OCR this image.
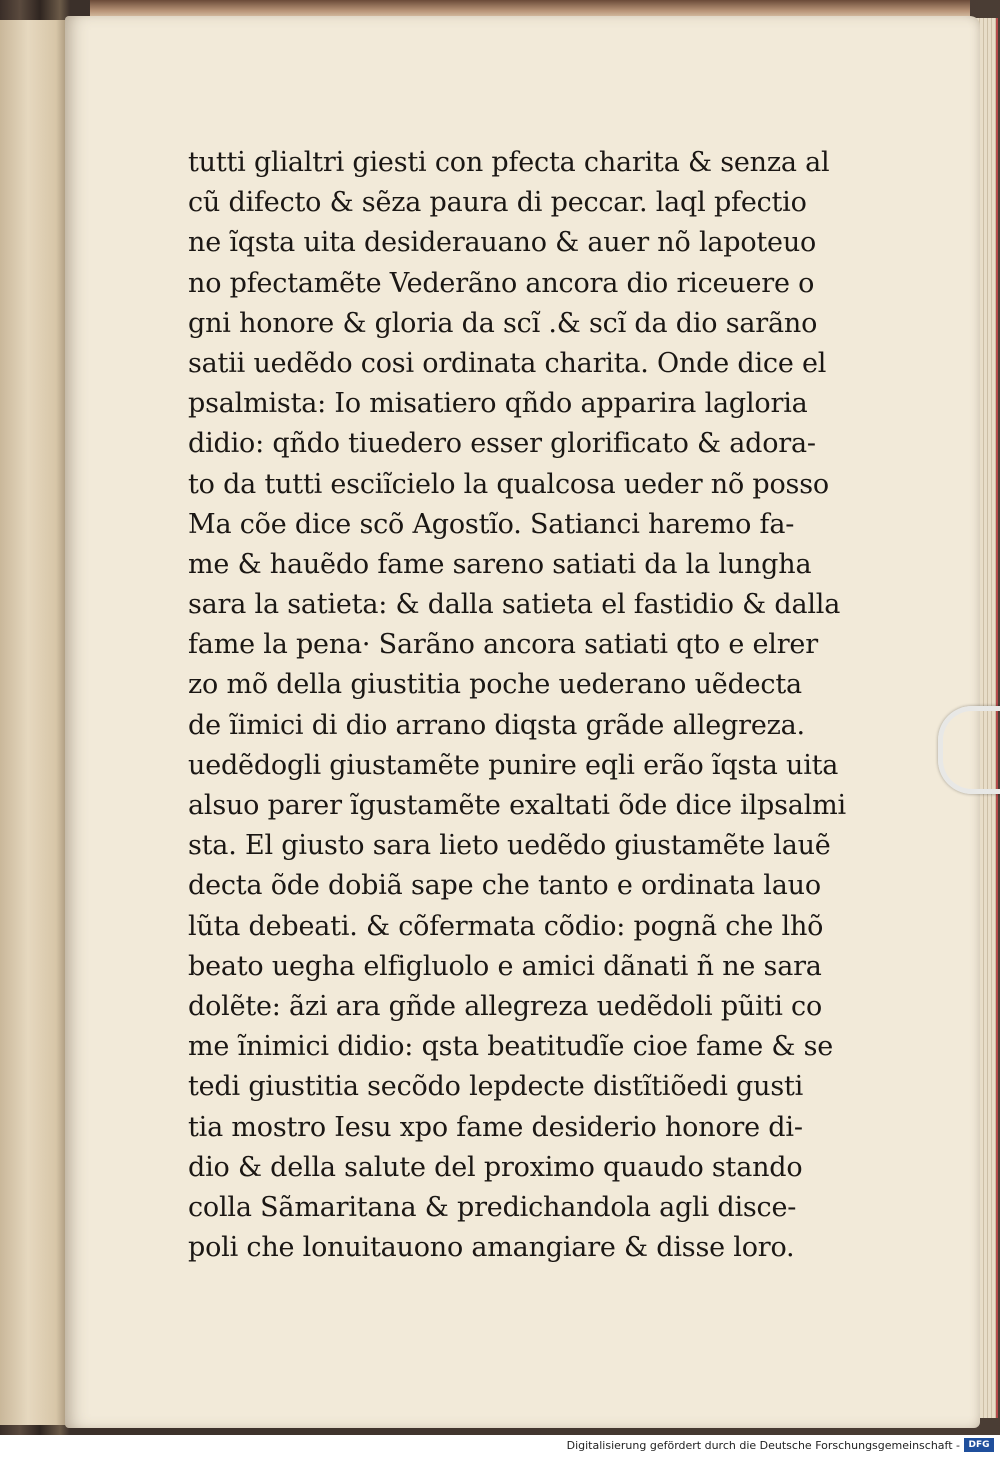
tutti glialtri giesti con pfecta charita & senza al
cũ difecto & sẽza paura di peccar. laql pfectio
ne ĩqsta uita desiderauano & auer nõ lapoteuo
no pfectamẽte Vederãno ancora dio riceuere o
gni honore & gloria da scĩ .& scĩ da dio sarãno
satii uedẽdo cosi ordinata charita. Onde dice el
psalmista: Io misatiero qñdo apparira lagloria
didio: qñdo tiuedero esser glorificato & adora-
to da tutti esciĩcielo la qualcosa ueder nõ posso
Ma cõe dice scõ Agostĩo. Satianci haremo fa-
me & hauẽdo fame sareno satiati da la lungha
sara la satieta: & dalla satieta el fastidio & dalla
fame la pena· Sarãno ancora satiati qto e elrer
zo mõ della giustitia poche uederano uẽdecta
de ĩimici di dio arrano diqsta grãde allegreza.
uedẽdogli giustamẽte punire eqli erão ĩqsta uita
alsuo parer ĩgustamẽte exaltati õde dice ilpsalmi
sta. El giusto sara lieto uedẽdo giustamẽte lauẽ
decta õde dobiã sape che tanto e ordinata lauo
lũta debeati. & cõfermata cõdio: pognã che lhõ
beato uegha elfigluolo e amici dãnati ñ ne sara
dolẽte: ãzi ara gñde allegreza uedẽdoli pũiti co
me ĩnimici didio: qsta beatitudĩe cioe fame & se
tedi giustitia secõdo lepdecte distĩtiõedi gusti
tia mostro Iesu xpo fame desiderio honore di-
dio & della salute del proximo quaudo stando
colla Sãmaritana & predichandola agli disce-
poli che lonuitauono amangiare & disse loro.
Digitalisierung gefördert durch die Deutsche Forschungsgemeinschaft - DFG
